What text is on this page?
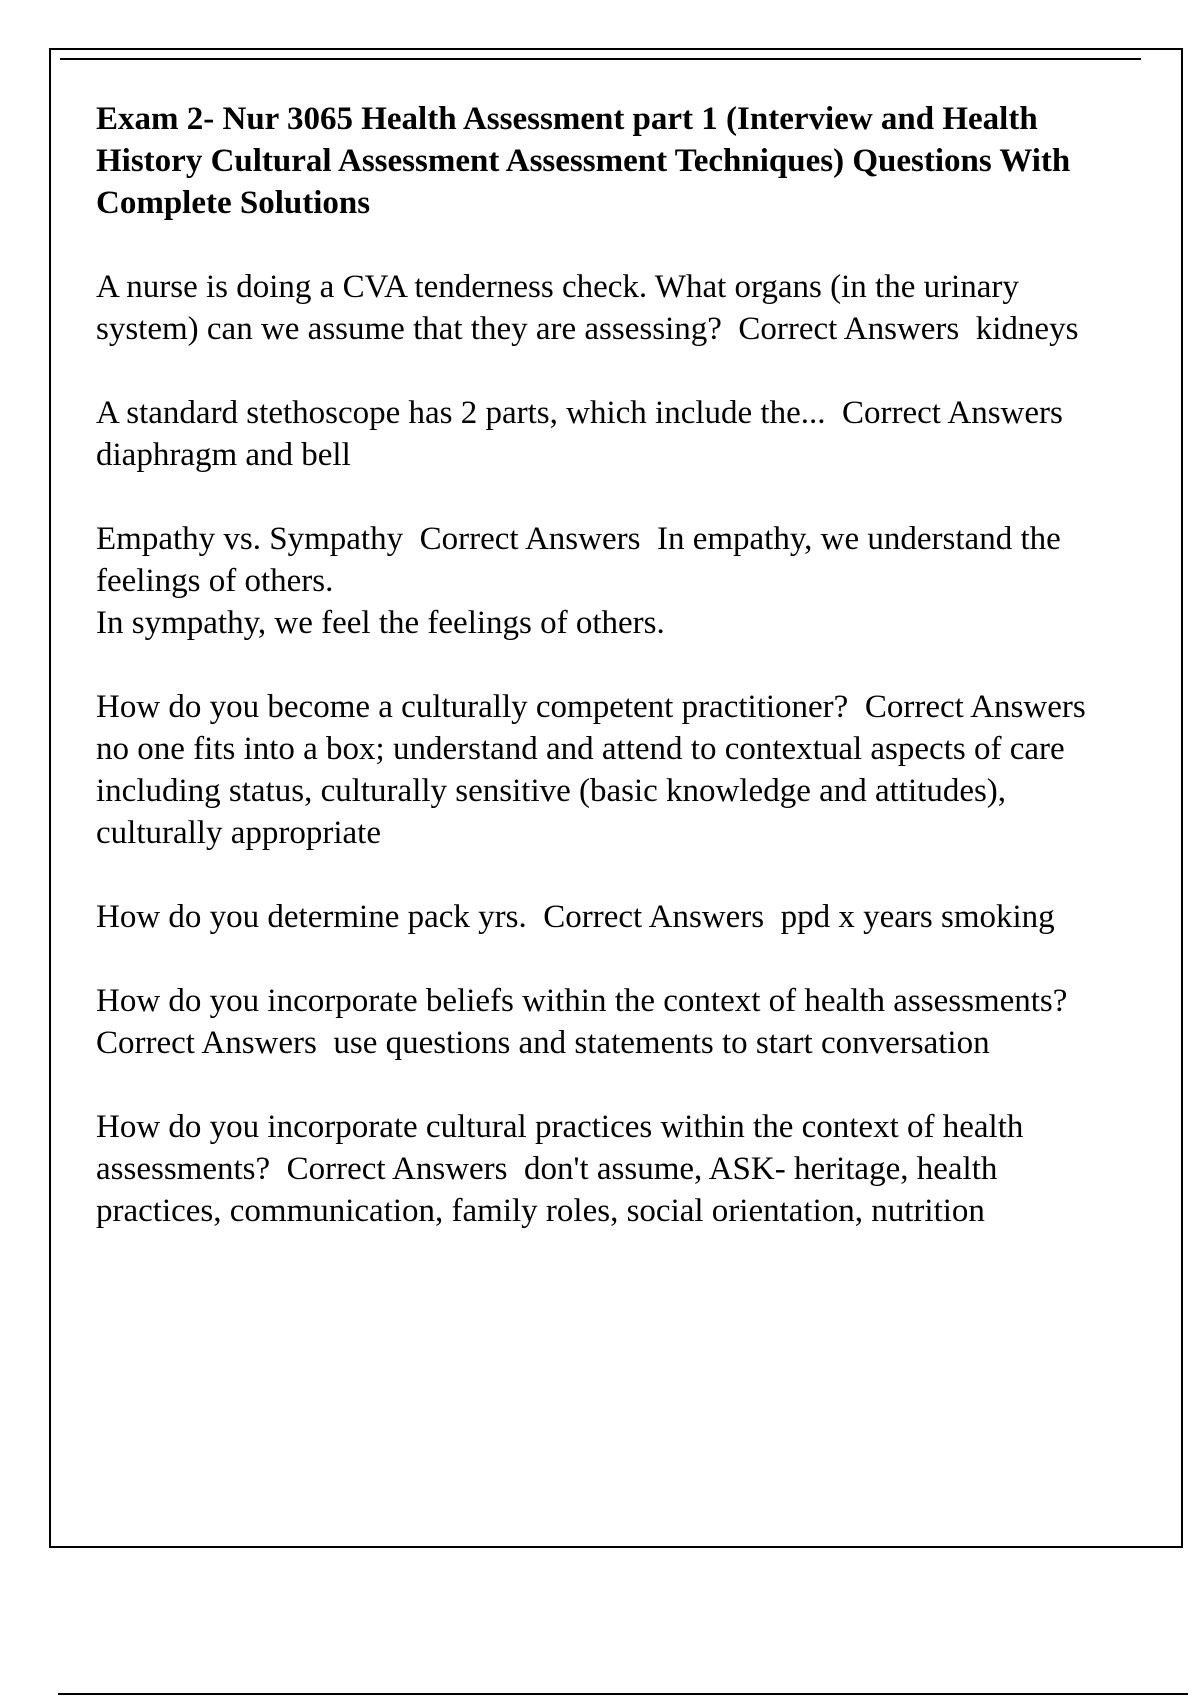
Exam 2- Nur 3065 Health Assessment part 1 (Interview and Health History Cultural Assessment Assessment Techniques) Questions With Complete Solutions
A nurse is doing a CVA tenderness check. What organs (in the urinary system) can we assume that they are assessing? Correct Answers kidneys
A standard stethoscope has 2 parts, which include the... Correct Answers  diaphragm and bell
Empathy vs. Sympathy Correct Answers In empathy, we understand the feelings of others.
In sympathy, we feel the feelings of others.
How do you become a culturally competent practitioner? Correct Answers  no one fits into a box; understand and attend to contextual aspects of care including status, culturally sensitive (basic knowledge and attitudes), culturally appropriate
How do you determine pack yrs. Correct Answers ppd x years smoking
How do you incorporate beliefs within the context of health assessments?  Correct Answers use questions and statements to start conversation
How do you incorporate cultural practices within the context of health assessments? Correct Answers don't assume, ASK- heritage, health practices, communication, family roles, social orientation, nutrition
